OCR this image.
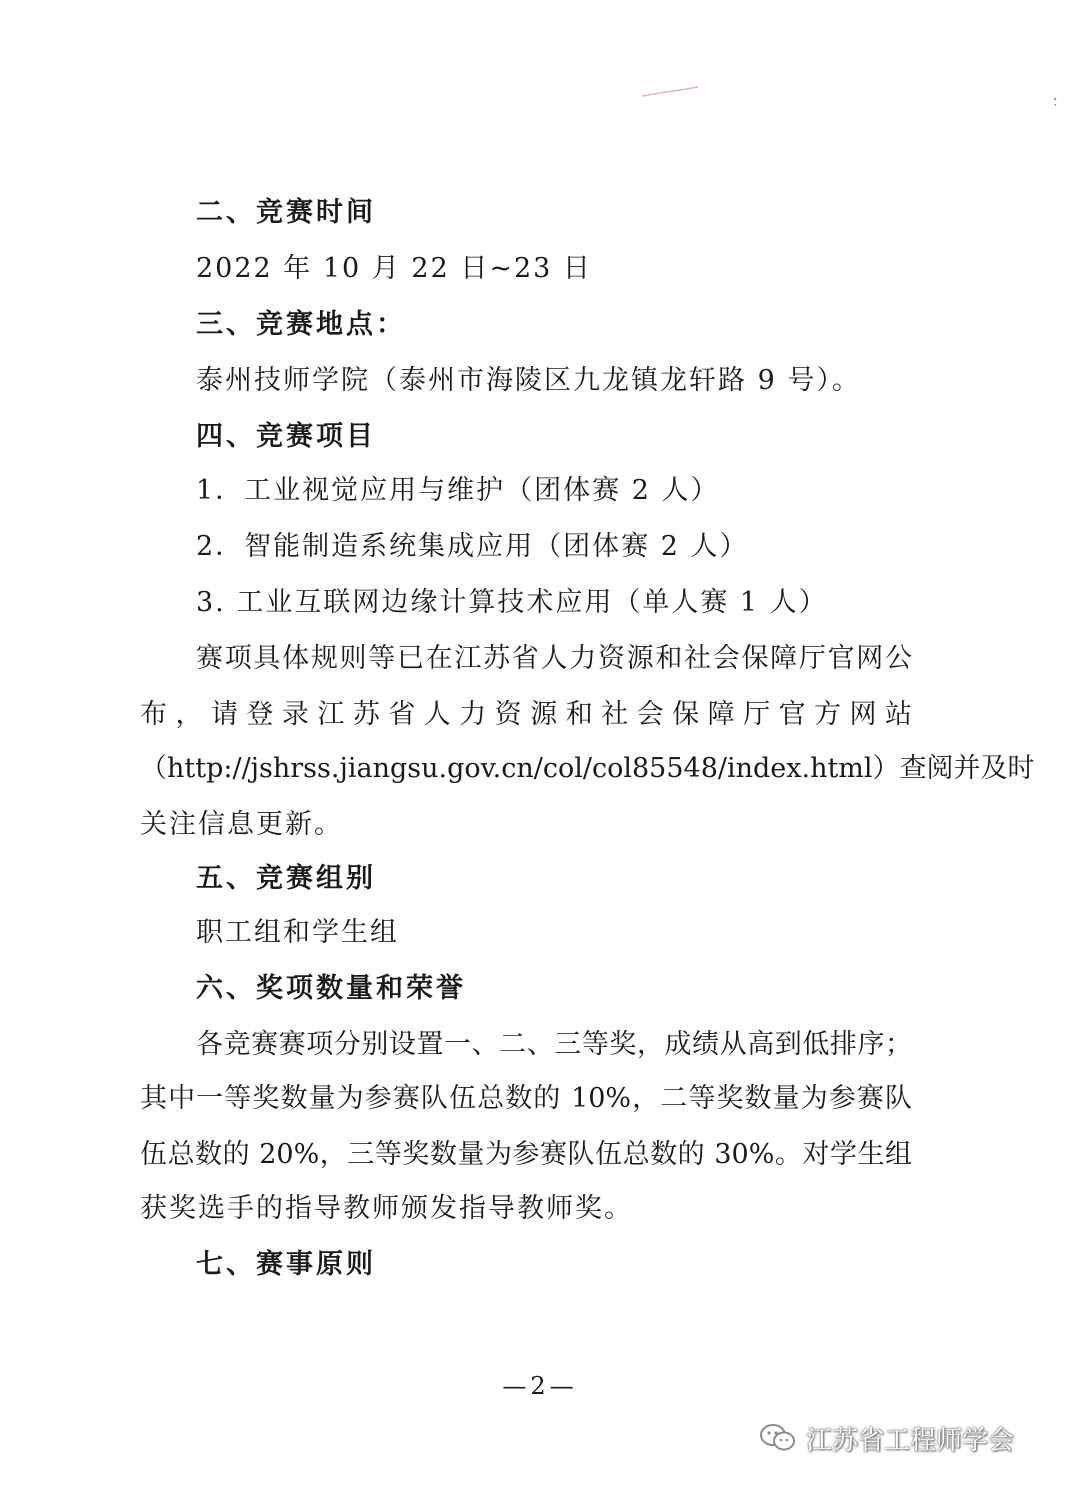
二、竞赛时间
2022 年 10 月 22 日~23 日
三、竞赛地点：
泰州技师学院（泰州市海陵区九龙镇龙轩路 9 号）。
四、竞赛项目
1．工业视觉应用与维护（团体赛 2 人）
2．智能制造系统集成应用（团体赛 2 人）
3. 工业互联网边缘计算技术应用（单人赛 1 人）
赛项具体规则等已在江苏省人力资源和社会保障厅官网公
布，请登录江苏省人力资源和社会保障厅官方网站
（http://jshrss.jiangsu.gov.cn/col/col85548/index.html）查阅并及时
关注信息更新。
五、竞赛组别
职工组和学生组
六、奖项数量和荣誉
各竞赛赛项分别设置一、二、三等奖，成绩从高到低排序；
其中一等奖数量为参赛队伍总数的 10%，二等奖数量为参赛队
伍总数的 20%，三等奖数量为参赛队伍总数的 30%。对学生组
获奖选手的指导教师颁发指导教师奖。
七、赛事原则
—2—
江苏省工程师学会
